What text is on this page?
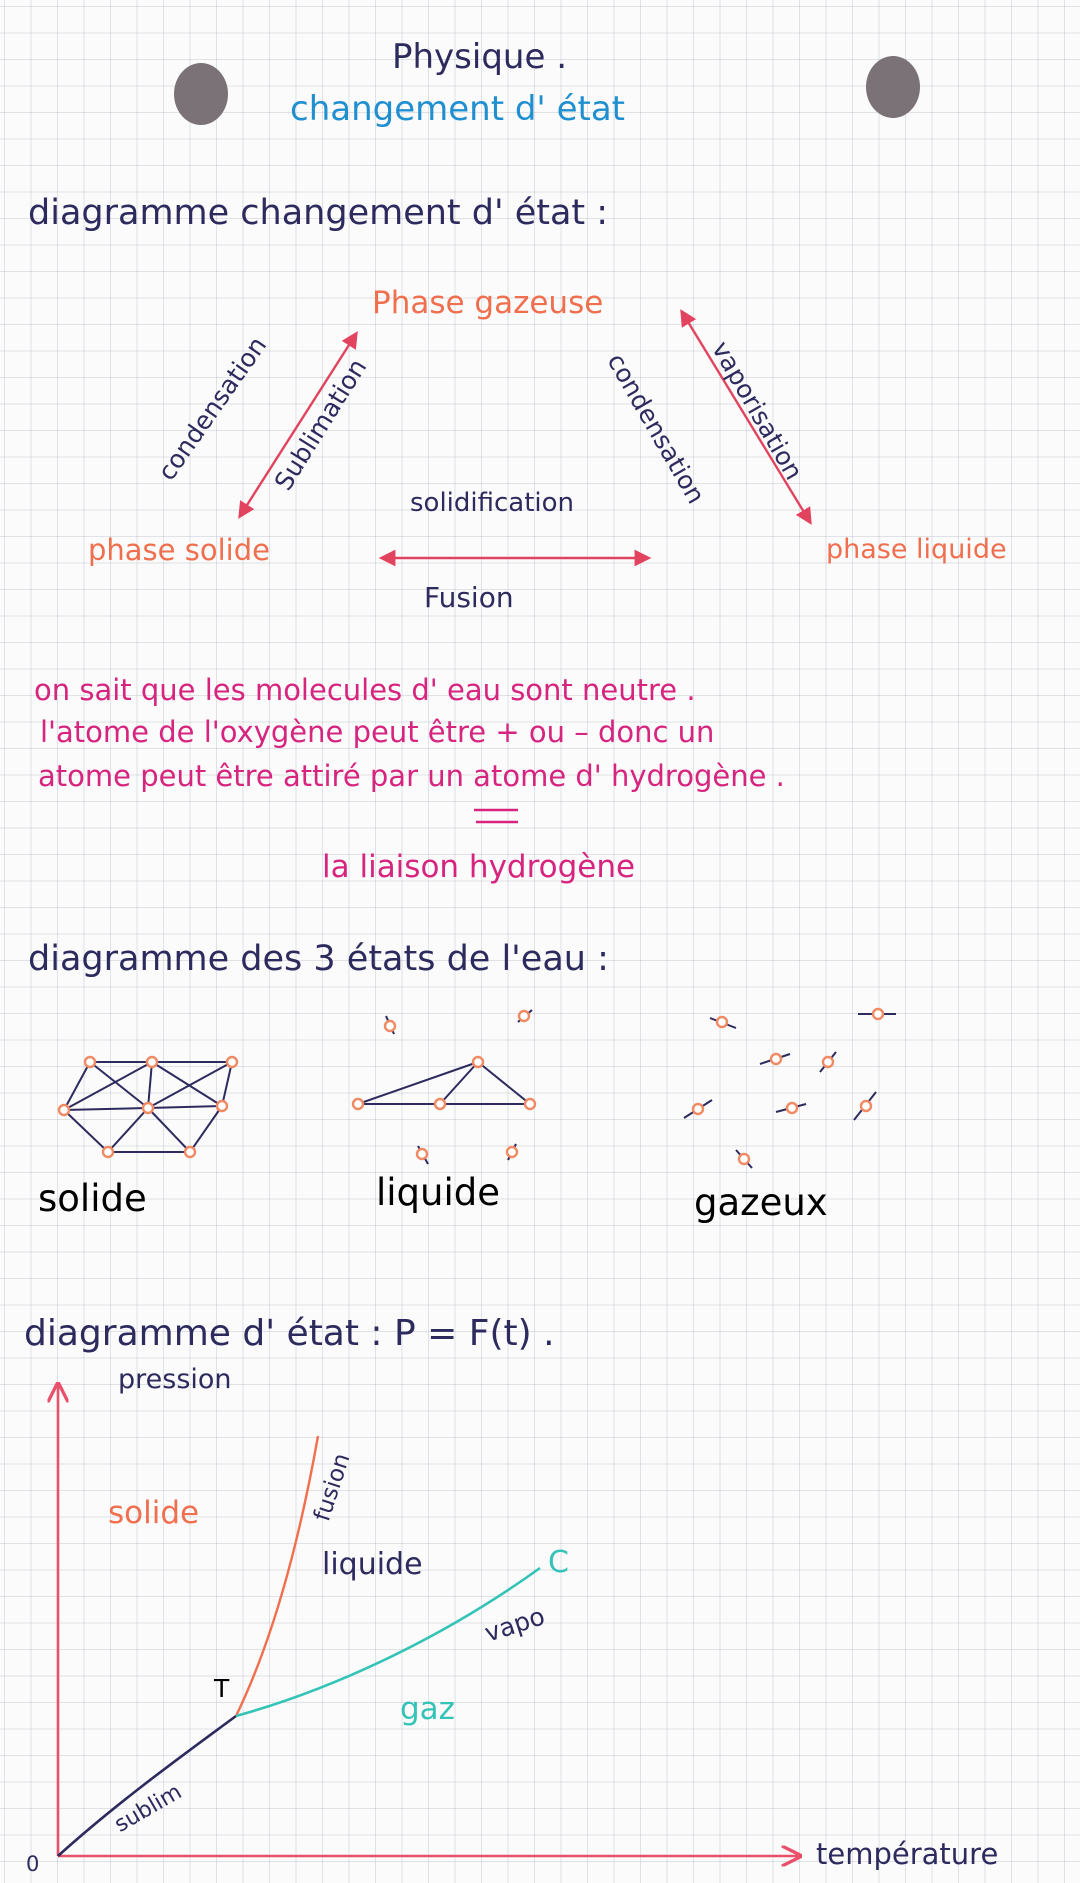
Physique .
changement d' état
diagramme changement d' état :
Phase gazeuse
phase solide	phase liquide
condensation
Sublimation	condensation
vaporisation
solidification
Fusion
on sait que les molecules d' eau sont neutre .
l'atome de l'oxygène peut être + ou – donc un
atome peut être attiré par un atome d' hydrogène .
la liaison hydrogène
diagramme des 3 états de l'eau :
solide	liquide	gazeux
diagramme d' état : P = F(t) .
pression
température
0
solide
liquide
gaz
fusion
vapo
sublim
T
C
